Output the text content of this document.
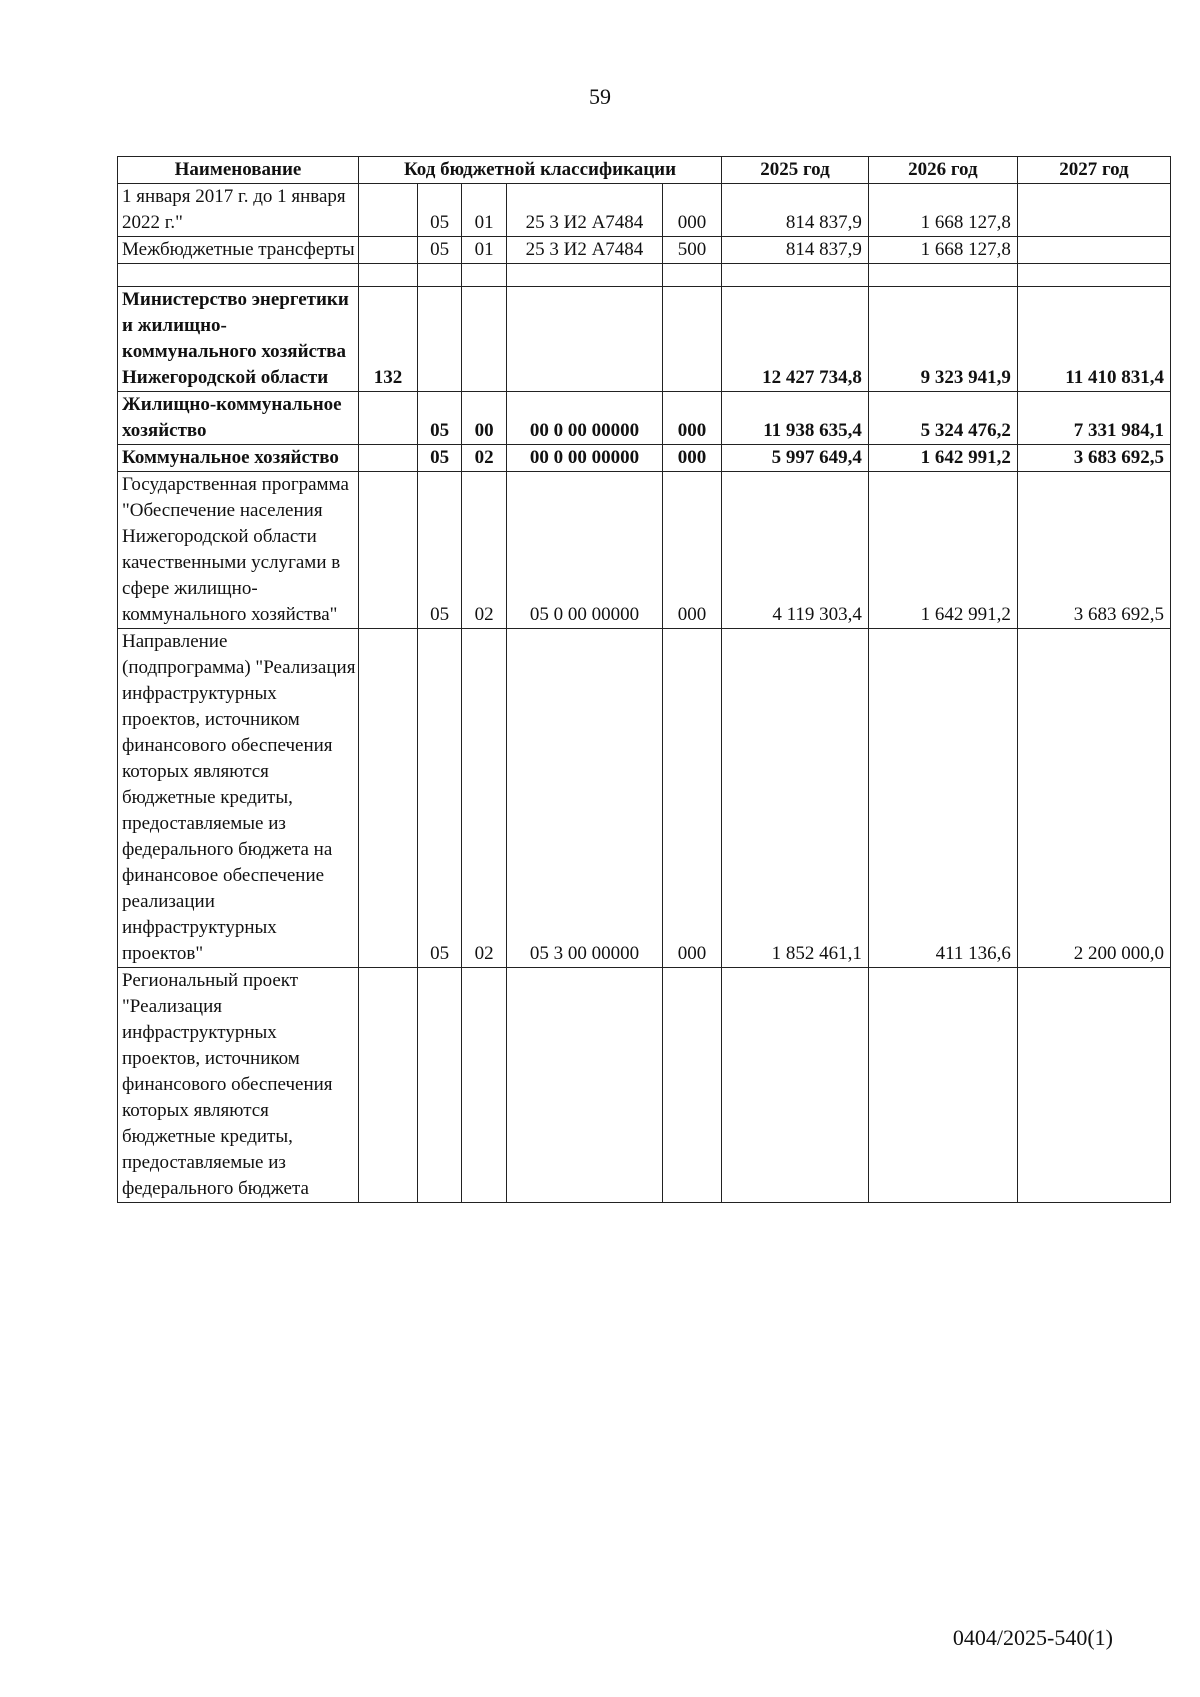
59
Наименование	Код бюджетной классификации					2025 год	2026 год	2027 год
1 января 2017 г. до 1 января 2022 г."		05	01	25 3 И2 А7484	000	814 837,9	1 668 127,8	
Межбюджетные трансферты		05	01	25 3 И2 А7484	500	814 837,9	1 668 127,8	

Министерство энергетики и жилищно-коммунального хозяйства Нижегородской области	132					12 427 734,8	9 323 941,9	11 410 831,4
Жилищно-коммунальное хозяйство		05	00	00 0 00 00000	000	11 938 635,4	5 324 476,2	7 331 984,1
Коммунальное хозяйство		05	02	00 0 00 00000	000	5 997 649,4	1 642 991,2	3 683 692,5
Государственная программа "Обеспечение населения Нижегородской области качественными услугами в сфере жилищно-коммунального хозяйства"		05	02	05 0 00 00000	000	4 119 303,4	1 642 991,2	3 683 692,5
Направление (подпрограмма) "Реализация инфраструктурных проектов, источником финансового обеспечения которых являются бюджетные кредиты, предоставляемые из федерального бюджета на финансовое обеспечение реализации инфраструктурных проектов"		05	02	05 3 00 00000	000	1 852 461,1	411 136,6	2 200 000,0
Региональный проект "Реализация инфраструктурных проектов, источником финансового обеспечения которых являются бюджетные кредиты, предоставляемые из федерального бюджета								
0404/2025-540(1)
